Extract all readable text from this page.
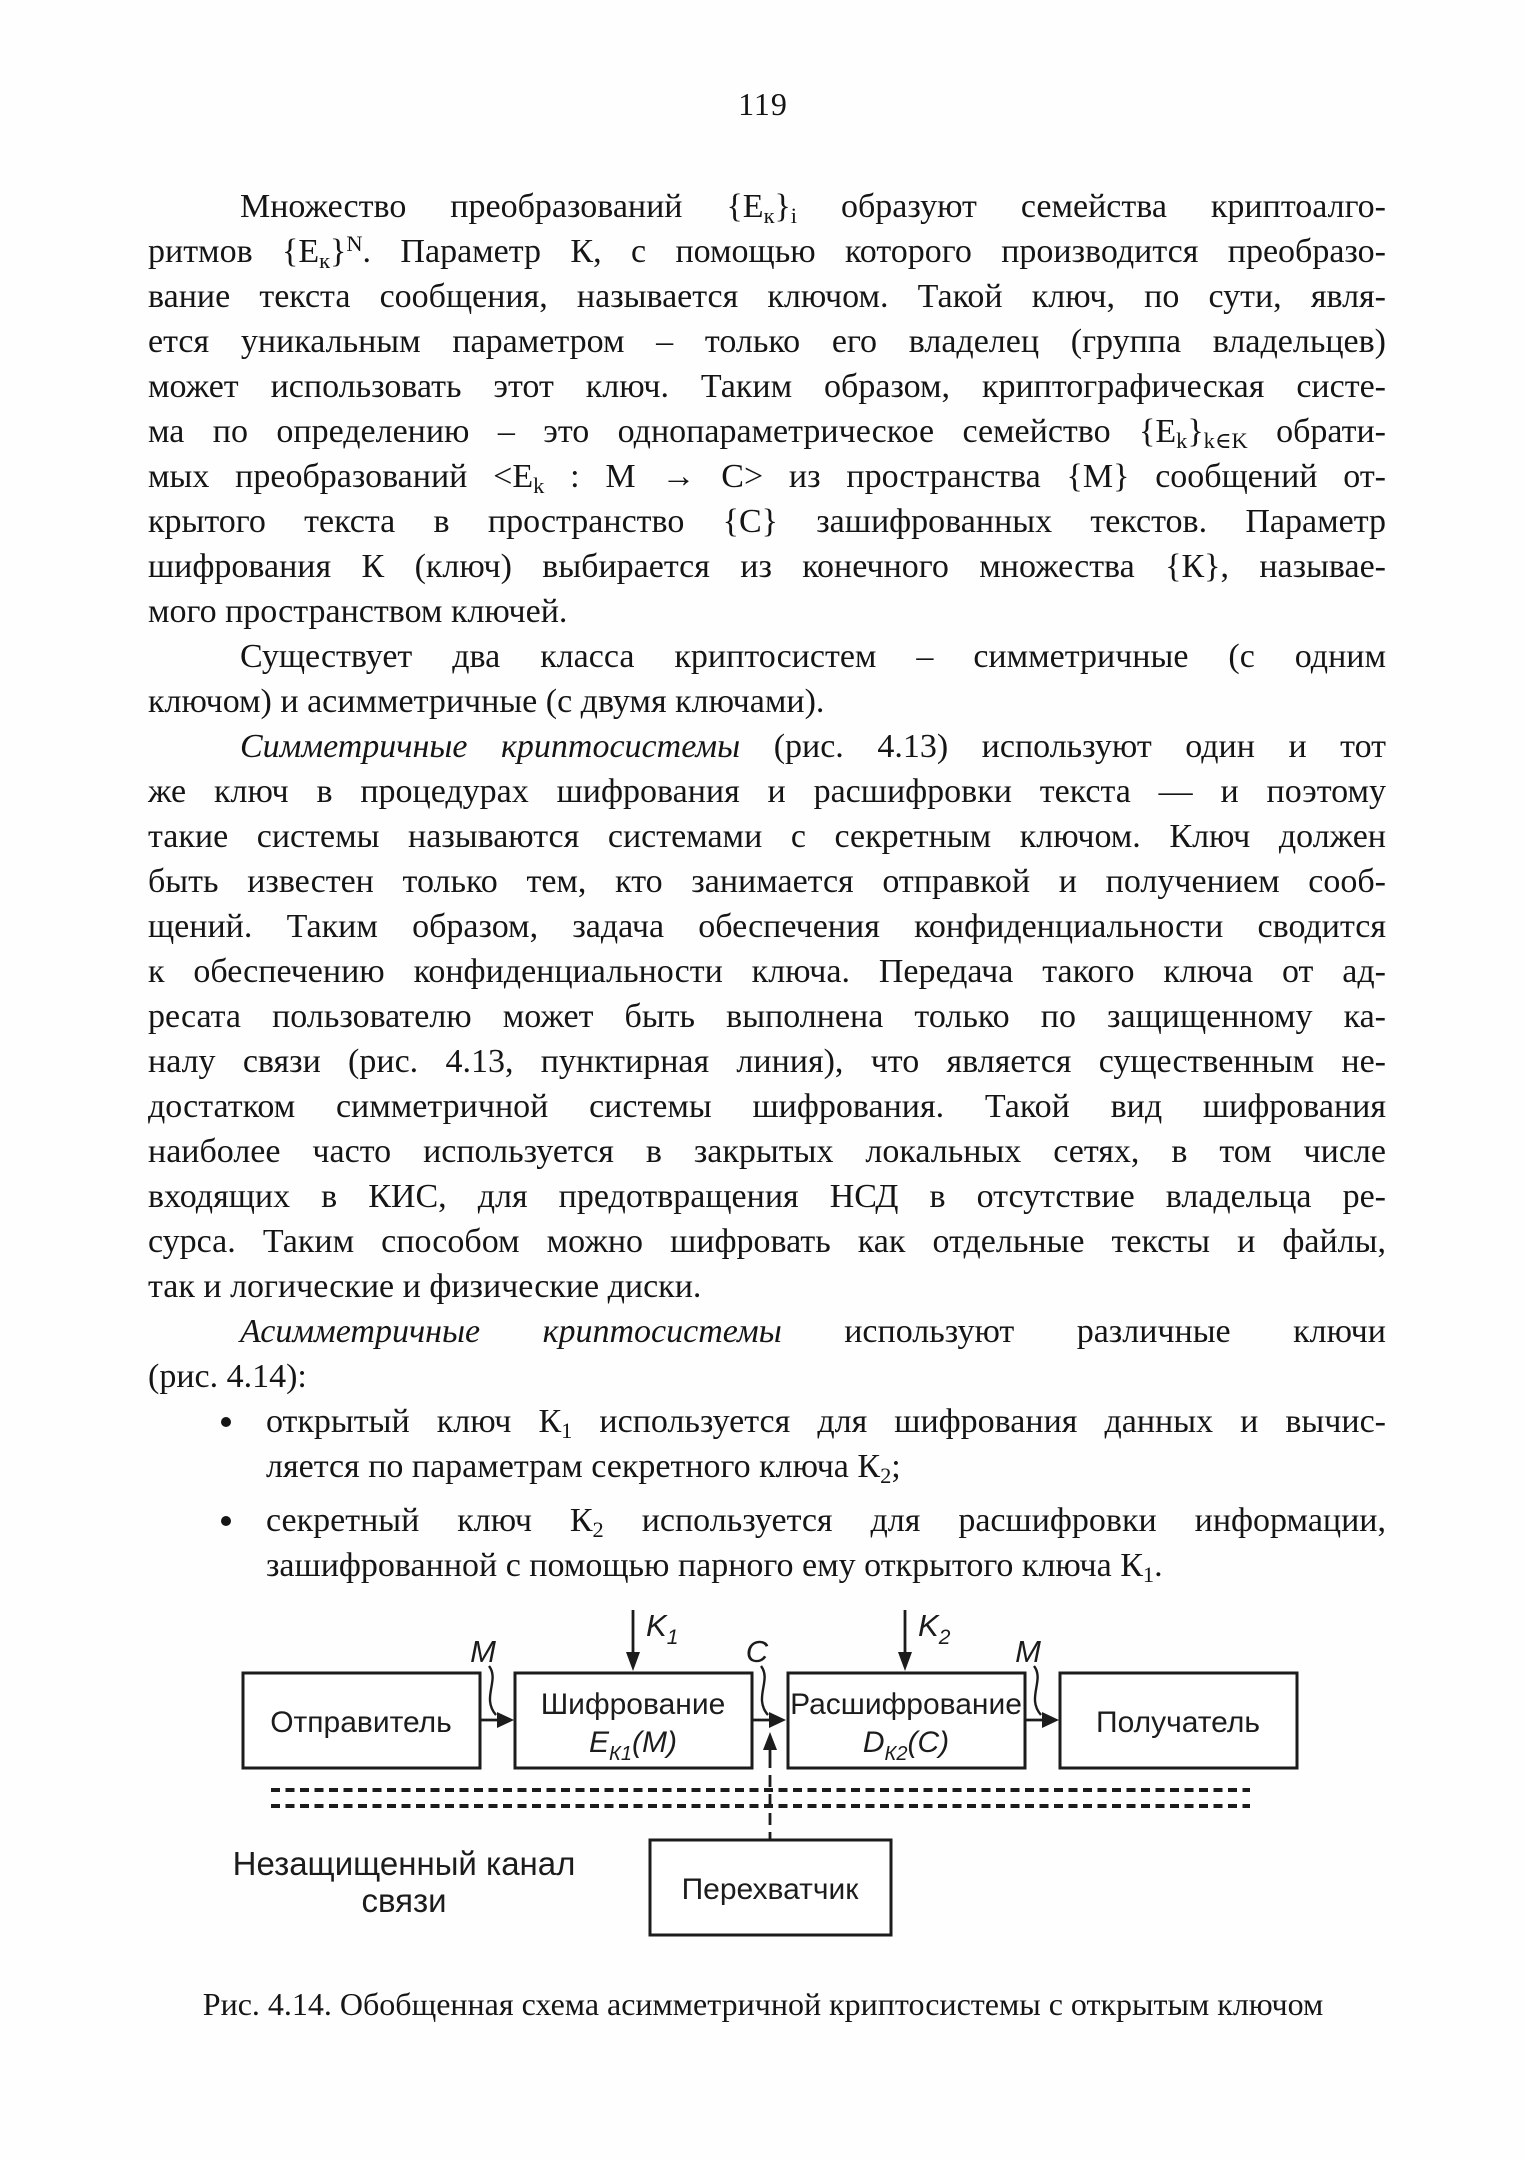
119
Множество преобразований $\{E_к\}_i$ образуют семейства криптоалго-
ритмов $\{E_к\}^N$. Параметр К, с помощью которого производится преобразо-
вание текста сообщения, называется ключом. Такой ключ, по сути, явля-
ется уникальным параметром – только его владелец (группа владельцев)
может использовать этот ключ. Таким образом, криптографическая систе-
ма по определению – это однопараметрическое семейство $\{E_k\}_{k\in K}$ обрати-
мых преобразований $<E_k$ : M → C> из пространства {M} сообщений от-
крытого текста в пространство {C} зашифрованных текстов. Параметр
шифрования К (ключ) выбирается из конечного множества {К}, называе-
мого пространством ключей.
Существует два класса криптосистем – симметричные (с одним
ключом) и асимметричные (с двумя ключами).
Симметричные криптосистемы (рис. 4.13) используют один и тот
же ключ в процедурах шифрования и расшифровки текста — и поэтому
такие системы называются системами с секретным ключом. Ключ должен
быть известен только тем, кто занимается отправкой и получением сооб-
щений. Таким образом, задача обеспечения конфиденциальности сводится
к обеспечению конфиденциальности ключа. Передача такого ключа от ад-
ресата пользователю может быть выполнена только по защищенному ка-
налу связи (рис. 4.13, пунктирная линия), что является существенным не-
достатком симметричной системы шифрования. Такой вид шифрования
наиболее часто используется в закрытых локальных сетях, в том числе
входящих в КИС, для предотвращения НСД в отсутствие владельца ре-
сурса. Таким способом можно шифровать как отдельные тексты и файлы,
так и логические и физические диски.
Асимметричные криптосистемы используют различные ключи
(рис. 4.14):
открытый ключ $К_1$ используется для шифрования данных и вычис-
ляется по параметрам секретного ключа $К_2$;
секретный ключ $К_2$ используется для расшифровки информации,
зашифрованной с помощью парного ему открытого ключа $К_1$.
$K_1$	$K_2$
M	C	M
Отправитель
Шифрование
$E_{К1}(M)$
Расшифрование
$D_{К2}(C)$
Получатель
Перехватчик
Незащищенный канал
связи
Рис. 4.14. Обобщенная схема асимметричной криптосистемы с открытым ключом
